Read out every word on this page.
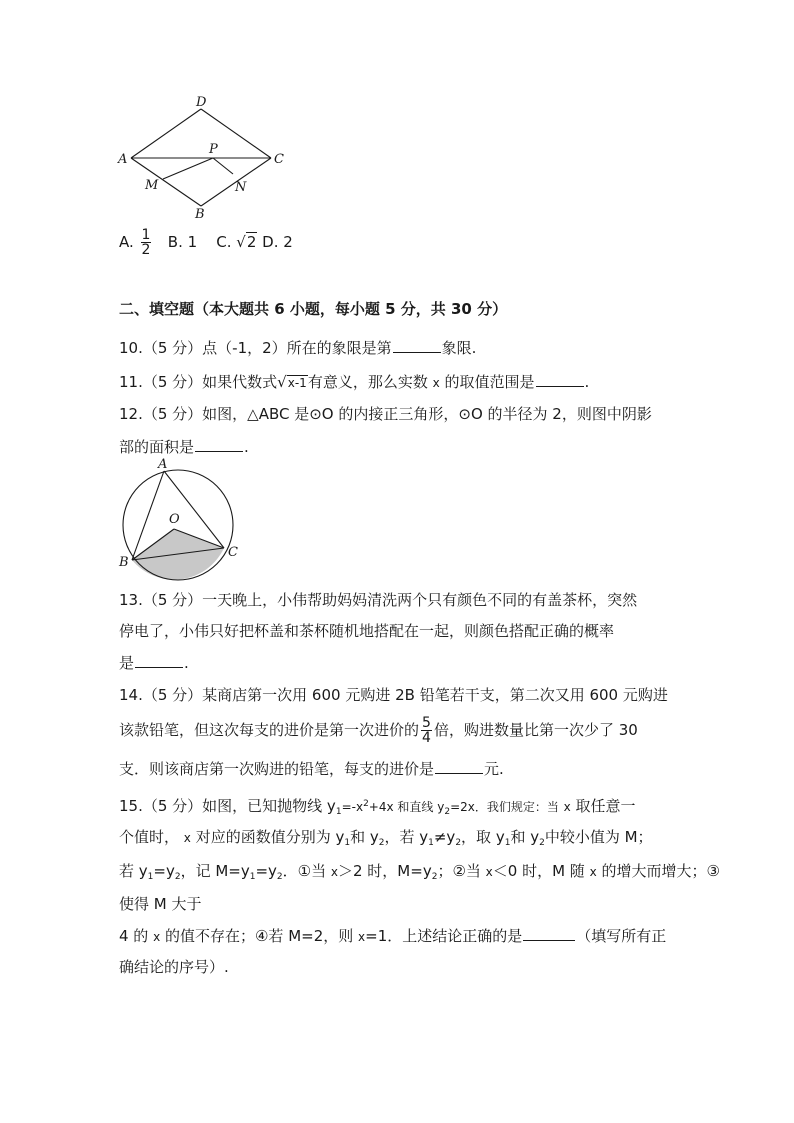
D
A
P
C
M	N
B
A. $\frac{1}{2} B$. 1 C. √2 D. 2
二、填空题（本大题共 6 小题，每小题 5 分，共 30 分）
10.（5 分）点（-1，2）所在的象限是第	象限.
11.（5 分）如果代数式√x-1有意义，那么实数 x 的取值范围是	.
12.（5 分）如图，△ABC 是⊙O 的内接正三角形，⊙O 的半径为 2，则图中阴影
部的面积是	.
A
O
B
C
13.（5 分）一天晚上，小伟帮助妈妈清洗两个只有颜色不同的有盖茶杯，突然
停电了，小伟只好把杯盖和茶杯随机地搭配在一起，则颜色搭配正确的概率
是	.
14.（5 分）某商店第一次用 600 元购进 2B 铅笔若干支，第二次又用 600 元购进
该款铅笔，但这次每支的进价是第一次进价的 $\frac{5}{4}$ 倍，购进数量比第一次少了 30
支．则该商店第一次购进的铅笔，每支的进价是	元.
15.（5 分）如图，已知抛物线 $y_1=-x^2+4x$ 和直线 $y_2=2x$．我们规定：当 x 取任意一
个值时， x 对应的函数值分别为 $y_1$和 $y_2$，若 $y_1\ne y_2$，取 $y_1$和 $y_2$中较小值为 M；
若 $y_1=y_2$，记 $M=y_1=y_2$．①当 x＞2 时，$M=y_2$；②当 x＜0 时，M 随 x 的增大而增大；③
使得 M 大于
4 的 x 的值不存在；④若 M=2，则 x=1．上述结论正确的是	（填写所有正
确结论的序号）.
